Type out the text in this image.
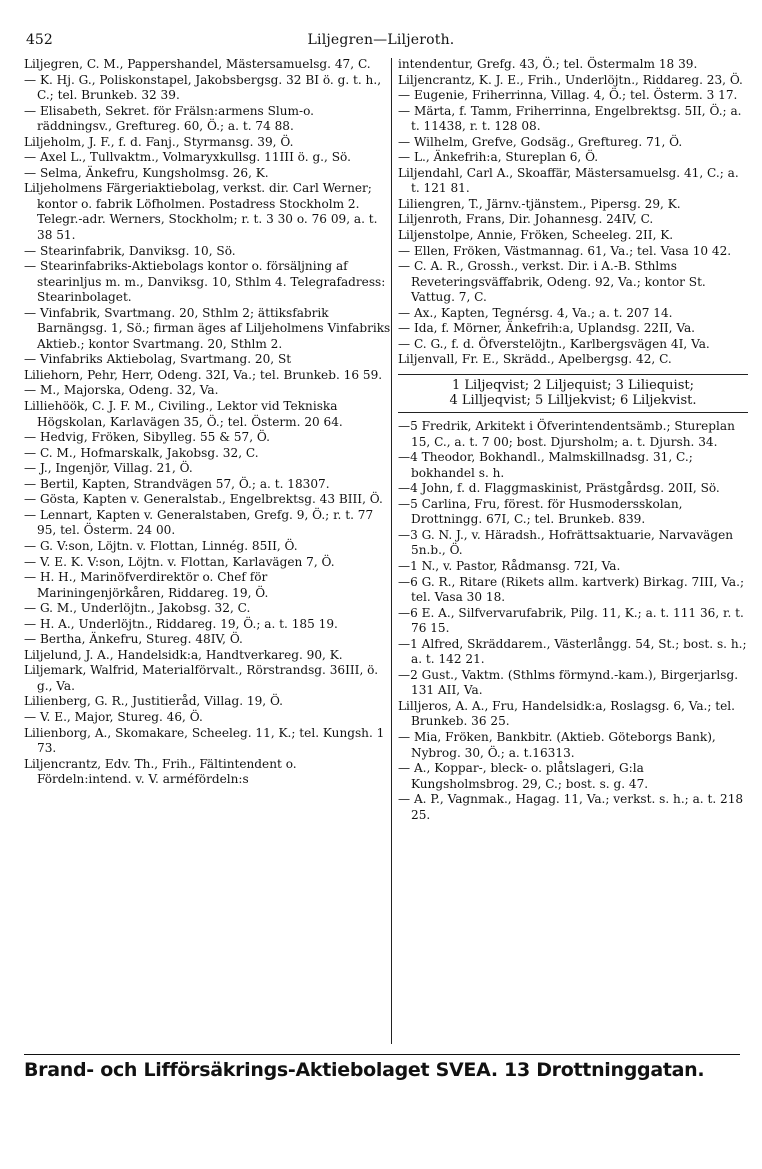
452	Liljegren—Liljeroth.

Liljegren, C. M., Pappershandel, Mästersamuelsg. 47, C.

— K. Hj. G., Poliskonstapel, Jakobsbergsg. 32 BI ö. g. t. h., C.; tel. Brunkeb. 32 39.

— Elisabeth, Sekret. för Frälsn:armens Slum-o. räddningsv., Greftureg. 60, Ö.; a. t. 74 88.

Liljeholm, J. F., f. d. Fanj., Styrmansg. 39, Ö.

— Axel L., Tullvaktm., Volmaryxkullsg. 11III ö. g., Sö.

— Selma, Änkefru, Kungsholmsg. 26, K.

Liljeholmens Färgeriaktiebolag, verkst. dir. Carl Werner; kontor o. fabrik Löfholmen. Postadress Stockholm 2. Telegr.-adr. Werners, Stockholm; r. t. 3 30 o. 76 09, a. t. 38 51.

— Stearinfabrik, Danviksg. 10, Sö.

— Stearinfabriks-Aktiebolags kontor o. försäljning af stearinljus m. m., Danviksg. 10, Sthlm 4. Telegrafadress: Stearinbolaget.

— Vinfabrik, Svartmang. 20, Sthlm 2; ättiksfabrik Barnängsg. 1, Sö.; firman äges af Liljeholmens Vinfabriks Aktieb.; kontor Svartmang. 20, Sthlm 2.

— Vinfabriks Aktiebolag, Svartmang. 20, St

Liliehorn, Pehr, Herr, Odeng. 32I, Va.; tel. Brunkeb. 16 59.

— M., Majorska, Odeng. 32, Va.

Lilliehöök, C. J. F. M., Civiling., Lektor vid Tekniska Högskolan, Karlavägen 35, Ö.; tel. Österm. 20 64.

— Hedvig, Fröken, Sibylleg. 55 & 57, Ö.

— C. M., Hofmarskalk, Jakobsg. 32, C.

— J., Ingenjör, Villag. 21, Ö.

— Bertil, Kapten, Strandvägen 57, Ö.; a. t. 18307.

— Gösta, Kapten v. Generalstab., Engelbrektsg. 43 BIII, Ö.

— Lennart, Kapten v. Generalstaben, Grefg. 9, Ö.; r. t. 77 95, tel. Österm. 24 00.

— G. V:son, Löjtn. v. Flottan, Linnég. 85II, Ö.

— V. E. K. V:son, Löjtn. v. Flottan, Karlavägen 7, Ö.

— H. H., Marinöfverdirektör o. Chef för Mariningenjörkåren, Riddareg. 19, Ö.

— G. M., Underlöjtn., Jakobsg. 32, C.

— H. A., Underlöjtn., Riddareg. 19, Ö.; a. t. 185 19.

— Bertha, Änkefru, Stureg. 48IV, Ö.

Liljelund, J. A., Handelsidk:a, Handtverkareg. 90, K.

Liljemark, Walfrid, Materialförvalt., Rörstrandsg. 36III, ö. g., Va.

Lilienberg, G. R., Justitieråd, Villag. 19, Ö.

— V. E., Major, Stureg. 46, Ö.

Lilienborg, A., Skomakare, Scheeleg. 11, K.; tel. Kungsh. 1 73.

Liljencrantz, Edv. Th., Frih., Fältintendent o. Fördeln:intend. v. V. arméfördeln:s

intendentur, Grefg. 43, Ö.; tel. Östermalm 18 39.

Liljencrantz, K. J. E., Frih., Underlöjtn., Riddareg. 23, Ö.

— Eugenie, Friherrinna, Villag. 4, Ö.; tel. Österm. 3 17.

— Märta, f. Tamm, Friherrinna, Engelbrektsg. 5II, Ö.; a. t. 11438, r. t. 128 08.

— Wilhelm, Grefve, Godsäg., Greftureg. 71, Ö.

— L., Änkefrih:a, Stureplan 6, Ö.

Liljendahl, Carl A., Skoaffär, Mästersamuelsg. 41, C.; a. t. 121 81.

Liliengren, T., Järnv.-tjänstem., Pipersg. 29, K.

Liljenroth, Frans, Dir. Johannesg. 24IV, C.

Liljenstolpe, Annie, Fröken, Scheeleg. 2II, K.

— Ellen, Fröken, Västmannag. 61, Va.; tel. Vasa 10 42.

— C. A. R., Grossh., verkst. Dir. i A.-B. Sthlms Reveteringsväffabrik, Odeng. 92, Va.; kontor St. Vattug. 7, C.

— Ax., Kapten, Tegnérsg. 4, Va.; a. t. 207 14.

— Ida, f. Mörner, Änkefrih:a, Uplandsg. 22II, Va.

— C. G., f. d. Öfverstelöjtn., Karlbergsvägen 4I, Va.

Liljenvall, Fr. E., Skrädd., Apelbergsg. 42, C.

1 Liljeqvist; 2 Liljequist; 3 Liliequist;
4 Lilljeqvist; 5 Lilljekvist; 6 Liljekvist.

—5 Fredrik, Arkitekt i Öfverintendentsämb.; Stureplan 15, C., a. t. 7 00; bost. Djursholm; a. t. Djursh. 34.

—4 Theodor, Bokhandl., Malmskillnadsg. 31, C.; bokhandel s. h.

—4 John, f. d. Flaggmaskinist, Prästgårdsg. 20II, Sö.

—5 Carlina, Fru, förest. för Husmodersskolan, Drottningg. 67I, C.; tel. Brunkeb. 839.

—3 G. N. J., v. Häradsh., Hofrättsaktuarie, Narvavägen 5n.b., Ö.

—1 N., v. Pastor, Rådmansg. 72I, Va.

—6 G. R., Ritare (Rikets allm. kartverk) Birkag. 7III, Va.; tel. Vasa 30 18.

—6 E. A., Silfvervarufabrik, Pilg. 11, K.; a. t. 111 36, r. t. 76 15.

—1 Alfred, Skräddarem., Västerlångg. 54, St.; bost. s. h.; a. t. 142 21.

—2 Gust., Vaktm. (Sthlms förmynd.-kam.), Birgerjarlsg. 131 AII, Va.

Lilljeros, A. A., Fru, Handelsidk:a, Roslagsg. 6, Va.; tel. Brunkeb. 36 25.

— Mia, Fröken, Bankbitr. (Aktieb. Göteborgs Bank), Nybrog. 30, Ö.; a. t.16313.

— A., Koppar-, bleck- o. plåtslageri, G:la Kungsholmsbrog. 29, C.; bost. s. g. 47.

— A. P., Vagnmak., Hagag. 11, Va.; verkst. s. h.; a. t. 218 25.

Brand- och Lifförsäkrings-Aktiebolaget SVEA. 13 Drottninggatan.
